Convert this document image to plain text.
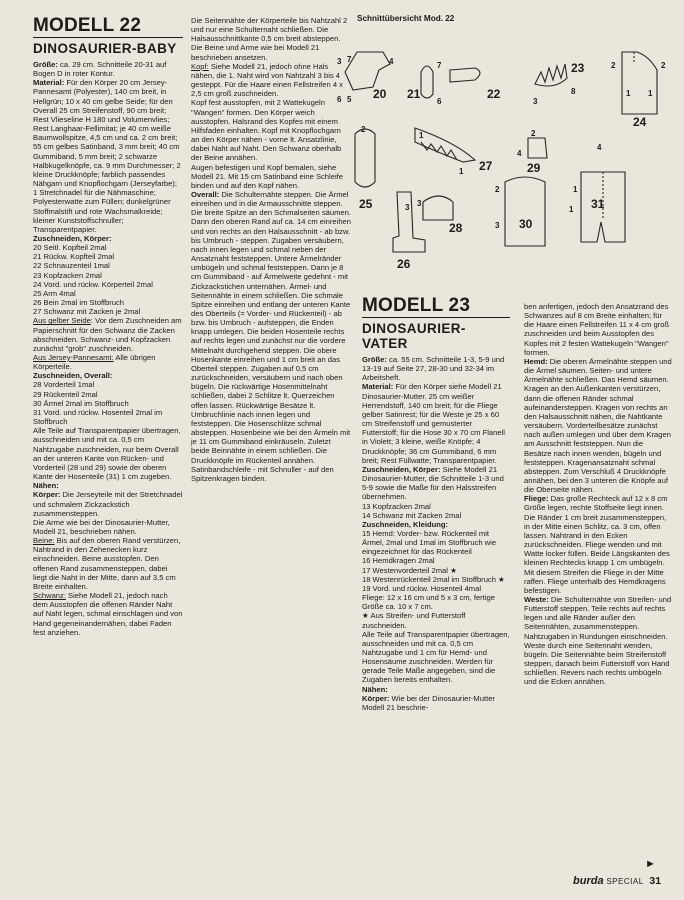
MODELL 22
DINOSAURIER-BABY

Größe: ca. 29 cm. Schnitteile 20-31 auf Bogen D in roter Kontur.

Material: Für den Körper 20 cm Jersey-Pannesamt (Polyester), 140 cm breit, in Hellgrün; 10 x 40 cm gelbe Seide; für den Overall 25 cm Streifenstoff, 90 cm breit; Rest Vlieseline H 180 und Volumenvlies; Rest Langhaar-Fellimitat; je 40 cm weiße Baumwollspitze, 4,5 cm und ca. 2 cm breit; 55 cm gelbes Satinband, 3 mm breit; 40 cm Gummiband, 5 mm breit; 2 schwarze Halbkugelknöpfe, ca. 9 mm Durchmesser; 2 kleine Druckknöpfe; farblich passendes Nähgarn und Knopflochgarn (Jerseyfarbe); 1 Stretchnadel für die Nähmaschine; Polyesterwatte zum Füllen; dunkelgrüner Stoffmalstift und rote Wachsmalkreide; kleiner Kunststoffschnuller; Transparentpapier.

Zuschneiden, Körper:

20 Seitl. Kopfteil 2mal

21 Rückw. Kopfteil 2mal

22 Schnauzenteil 1mal

23 Kopfzacken 2mal

24 Vord. und rückw. Körperteil 2mal

25 Arm 4mal

26 Bein 2mal im Stoffbruch

27 Schwanz mit Zacken je 2mal

Aus gelber Seide: Vor dem Zuschneiden am Papierschnitt für den Schwanz die Zacken abschneiden. Schwanz- und Kopfzacken zunächst "grob" zuschneiden.

Aus Jersey-Pannesamt: Alle übrigen Körperteile.

Zuschneiden, Overall:

28 Vorderteil 1mal

29 Rückenteil 2mal

30 Ärmel 2mal im Stoffbruch

31 Vord. und rückw. Hosenteil 2mal im Stoffbruch

Alle Teile auf Transparentpapier übertragen, ausschneiden und mit ca. 0,5 cm Nahtzugabe zuschneiden, nur beim Overall an der unteren Kante von Rücken- und Vorderteil (28 und 29) sowie der oberen Kante der Hosenteile (31) 1 cm zugeben.

Nähen:

Körper: Die Jerseyteile mit der Stretchnadel und schmalem Zickzackstich zusammensteppen.

Die Arme wie bei der Dinosaurier-Mutter, Modell 21, beschrieben nähen.

Beine: Bis auf den oberen Rand verstürzen, Nahtrand in den Zehenecken kurz einschneiden. Beine ausstopfen. Den offenen Rand zusammensteppen, dabei liegt die Naht in der Mitte, dann auf 3,5 cm Breite einhalten.

Schwanz: Siehe Modell 21, jedoch nach dem Ausstopfen die offenen Ränder Naht auf Naht legen, schmal einschlagen und von Hand gegeneinandernähen, dabei Faden fest anziehen.

Die Seitennähte der Körperteile bis Nahtzahl 2 und nur eine Schulternaht schließen. Die Halsausschnittkante 0,5 cm breit absteppen. Die Beine und Arme wie bei Modell 21 beschrieben ansetzen.

Kopf: Siehe Modell 21, jedoch ohne Hals nähen, die 1. Naht wird von Nahtzahl 3 bis 4 gesteppt. Für die Haare einen Fellstreifen 4 x 2,5 cm groß zuschneiden.

Kopf fest ausstopfen, mit 2 Wattekugeln "Wangen" formen. Den Körper weich ausstopfen. Halsrand des Kopfes mit einem Hilfsfaden einhalten. Kopf mit Knopflochgarn an den Körper nähen - vorne lt. Ansatzlinie, dabei Naht auf Naht. Den Schwanz oberhalb der Beine annähen.

Augen befestigen und Kopf bemalen, siehe Modell 21. Mit 15 cm Satinband eine Schleife binden und auf den Kopf nähen.

Overall: Die Schulternähte steppen. Die Ärmel einreihen und in die Armausschnitte steppen. Die breite Spitze an den Schmalseiten säumen. Dann den oberen Rand auf ca. 14 cm einreihen und von rechts an den Halsausschnitt - ab bzw. bis Umbruch - steppen. Zugaben versäubern, nach innen legen und schmal neben der Ansatznaht feststeppen. Untere Ärmelränder umbügeln und schmal feststeppen. Dann je 8 cm Gummiband - auf Ärmelweite gedehnt - mit Zickzackstichen unternähen. Ärmel- und Seitennähte in einem schließen. Die schmale Spitze einreihen und entlang der unteren Kante des Oberteils (= Vorder- und Rückenteil) - ab bzw. bis Umbruch - aufsteppen, die Enden knapp umlegen. Die beiden Hosenteile rechts auf rechts legen und zunächst nur die vordere Mittelnaht durchgehend steppen. Die obere Hosenkante einreihen und 1 cm breit an das Oberteil steppen. Zugaben auf 0,5 cm zurückschneiden, versäubern und nach oben bügeln. Die rückwärtige Hosenmittelnaht schließen, dabei 2 Schlitze lt. Querzeichen offen lassen. Rückwärtige Besätze lt. Umbruchlinie nach innen legen und feststeppen. Die Hosenschlitze schmal absteppen. Hosenbeine wie bei den Ärmeln mit je 11 cm Gummiband einkräuseln. Zuletzt beide Beinnähte in einem schließen. Die Druckknöpfe im Rückenteil annähen. Satinbandschleife - mit Schnuller - auf den Spitzenkragen binden.

Schnittübersicht Mod. 22
7
3	4
6 5 20 21
7
6
22
23
3
8
24
2	2
1 1
2
1
27
1
4
2
29
25	3 3
28
4
30
31
1
26
2
1
3
MODELL 23
DINOSAURIER-VATER

Größe: ca. 55 cm. Schnitteile 1-3, 5-9 und 13-19 auf Seite 27, 28-30 und 32-34 im Arbeitsheft.

Material: Für den Körper siehe Modell 21 Dinosaurier-Mutter. 25 cm weißer Herrendstoff, 140 cm breit; für die Fliege gelber Satinrest; für die Weste je 25 x 60 cm Streifenstoff und gemusterter Futterstoff; für die Hose 30 x 70 cm Flanell in Violett; 3 kleine, weiße Knöpfe; 4 Druckknöpfe; 36 cm Gummiband, 6 mm breit; Rest Füllwatte; Transparentpapier.

Zuschneiden, Körper: Siehe Modell 21 Dinosaurier-Mutter, die Schnitteile 1-3 und 5-9 sowie die Maße für den Halsstreifen übernehmen.

13 Kopfzacken 2mal

14 Schwanz mit Zacken 2mal

Zuschneiden, Kleidung:

15 Hemd: Vorder- bzw. Rückenteil mit Ärmel, 2mal und 1mal im Stoffbruch wie eingezeichnet für das Rückenteil

16 Hemdkragen 2mal

17 Westenvorderteil 2mal ★

18 Westenrückenteil 2mal im Stoffbruch ★

19 Vord. und rückw. Hosenteil 4mal

Fliege: 12 x 16 cm und 5 x 3 cm, fertige Größe ca. 10 x 7 cm.

★ Aus Streifen- und Futterstoff zuschneiden.

Alle Teile auf Transparentpapier übertragen, ausschneiden und mit ca. 0,5 cm Nahtzugabe und 1 cm für Hemd- und Hosensäume zuschneiden. Werden für gerade Teile Maße angegeben, sind die Zugaben bereits enthalten.

Nähen:

Körper: Wie bei der Dinosaurier-Mutter Modell 21 beschrie-

ben anfertigen, jedoch den Ansatzrand des Schwanzes auf 8 cm Breite einhalten; für die Haare einen Fellstreifen 11 x 4 cm groß zuschneiden und beim Ausstopfen des Kopfes mit 2 festen Wattekugeln "Wangen" formen.

Hemd: Die oberen Ärmelnähte steppen und die Ärmel säumen. Seiten- und untere Ärmelnähte schließen. Das Hemd säumen. Kragen an den Außenkanten verstürzen, dann die offenen Ränder schmal aufeinandersteppen. Kragen von rechts an den Halsausschnitt nähen, die Nahtkante versäubern. Vorderteilbesätze zunächst nach außen umlegen und über dem Kragen am Ausschnitt feststeppen. Nun die Besätze nach innen wenden, bügeln und feststeppen. Kragenansatznaht schmal absteppen. Zum Verschluß 4 Druckknöpfe annähen, bei den 3 unteren die Knöpfe auf die Oberseite nähen.

Fliege: Das große Rechteck auf 12 x 8 cm Größe legen, rechte Stoffseite liegt innen. Die Ränder 1 cm breit zusammensteppen, in der Mitte einen Schlitz, ca. 3 cm, offen lassen. Nahtrand in den Ecken zurückschneiden. Fliege wenden und mit Watte locker füllen. Beide Längskanten des kleinen Rechtecks knapp 1 cm umbügeln. Mit diesem Streifen die Fliege in der Mitte raffen. Fliege unterhalb des Hemdkragens befestigen.

Weste: Die Schulternähte von Streifen- und Futterstoff steppen. Teile rechts auf rechts legen und alle Ränder außer den Seitennähten, zusammensteppen. Nahtzugaben in Rundungen einschneiden. Weste durch eine Seitennaht wenden, bügeln. Die Seitennähte beim Streifenstoff steppen, danach beim Futterstoff von Hand schließen. Revers nach rechts umbügeln und die Ecken annähen.

►
burda SPECIAL 31
